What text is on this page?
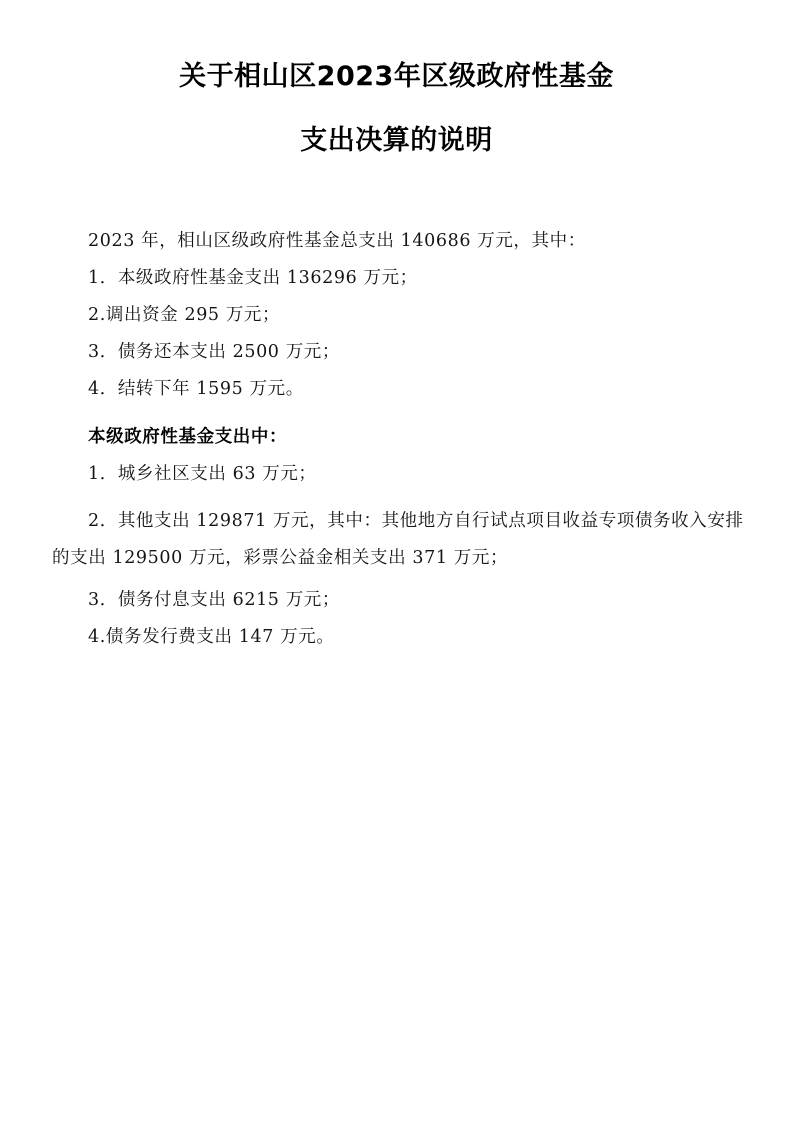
关于相山区2023年区级政府性基金
支出决算的说明

2023 年，相山区级政府性基金总支出 140686 万元，其中：

1．本级政府性基金支出 136296 万元；

2.调出资金 295 万元；

3．债务还本支出 2500 万元；

4．结转下年 1595 万元。

本级政府性基金支出中：

1．城乡社区支出 63 万元；

2．其他支出 129871 万元，其中：其他地方自行试点项目收益专项债务收入安排的支出 129500 万元，彩票公益金相关支出 371 万元；

3．债务付息支出 6215 万元；

4.债务发行费支出 147 万元。
